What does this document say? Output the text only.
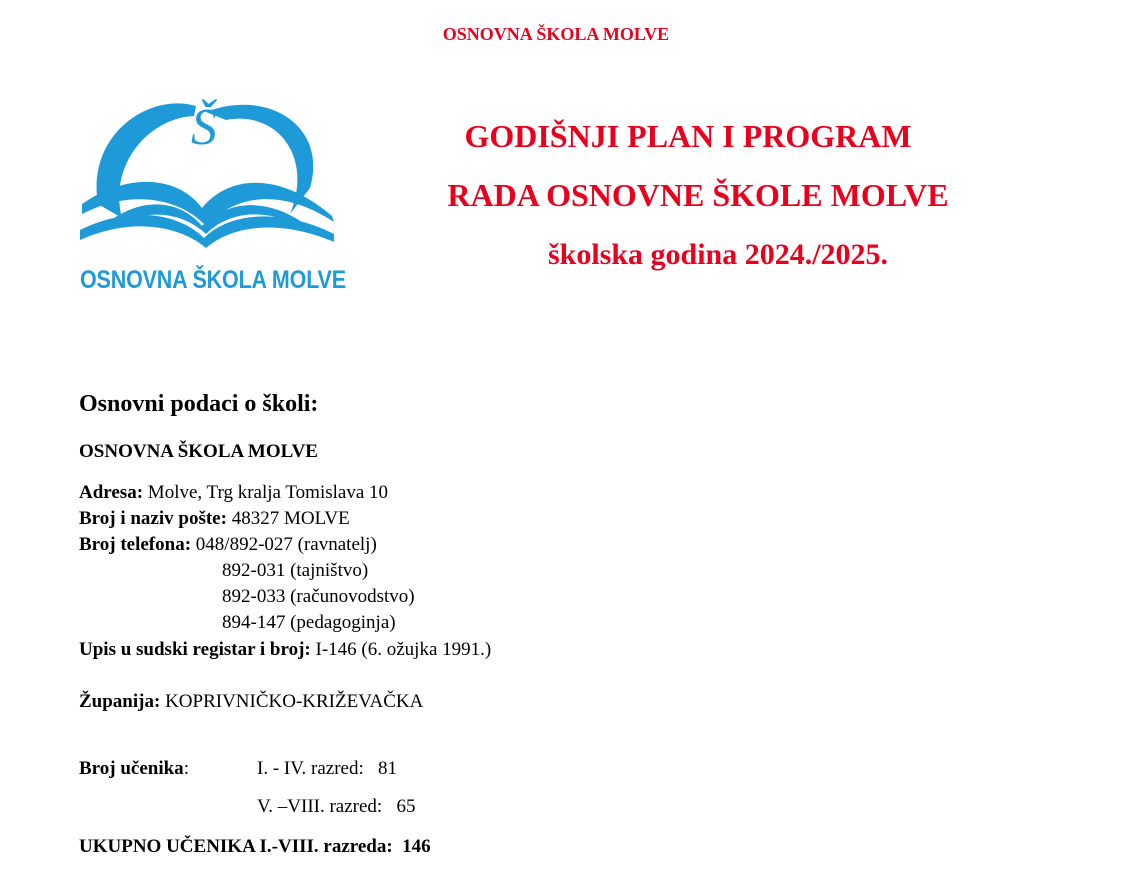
OSNOVNA ŠKOLA MOLVE
Š
OSNOVNA ŠKOLA MOLVE
GODIŠNJI PLAN I PROGRAM
RADA OSNOVNE ŠKOLE MOLVE
školska godina 2024./2025.
Osnovni podaci o školi:
OSNOVNA ŠKOLA MOLVE
Adresa: Molve, Trg kralja Tomislava 10
Broj i naziv pošte: 48327 MOLVE
Broj telefona: 048/892-027 (ravnatelj)
892-031 (tajništvo)
892-033 (računovodstvo)
894-147 (pedagoginja)
Upis u sudski registar i broj: I-146 (6. ožujka 1991.)
Županija: KOPRIVNIČKO-KRIŽEVAČKA
Broj učenika:	I. - IV. razred: 81
V. –VIII. razred: 65
UKUPNO UČENIKA I.-VIII. razreda: 146
